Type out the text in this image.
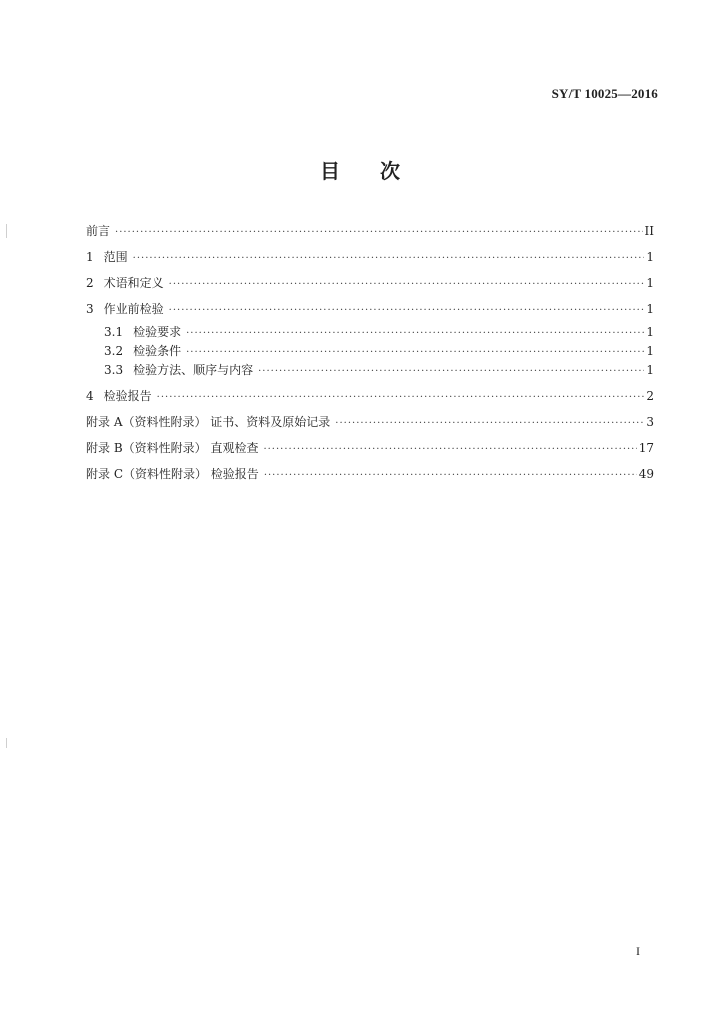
SY/T 10025—2016
目 次
前言 ·····	II
1 范围 ·····	1
2 术语和定义 ·····	1
3 作业前检验 ·····	1
3.1 检验要求 ·····	1
3.2 检验条件 ·····	1
3.3 检验方法、顺序与内容 ·····	1
4 检验报告 ·····	2
附录 A（资料性附录） 证书、资料及原始记录 ·····	3
附录 B（资料性附录） 直观检查 ·····	17
附录 C（资料性附录） 检验报告 ·····	49
I
